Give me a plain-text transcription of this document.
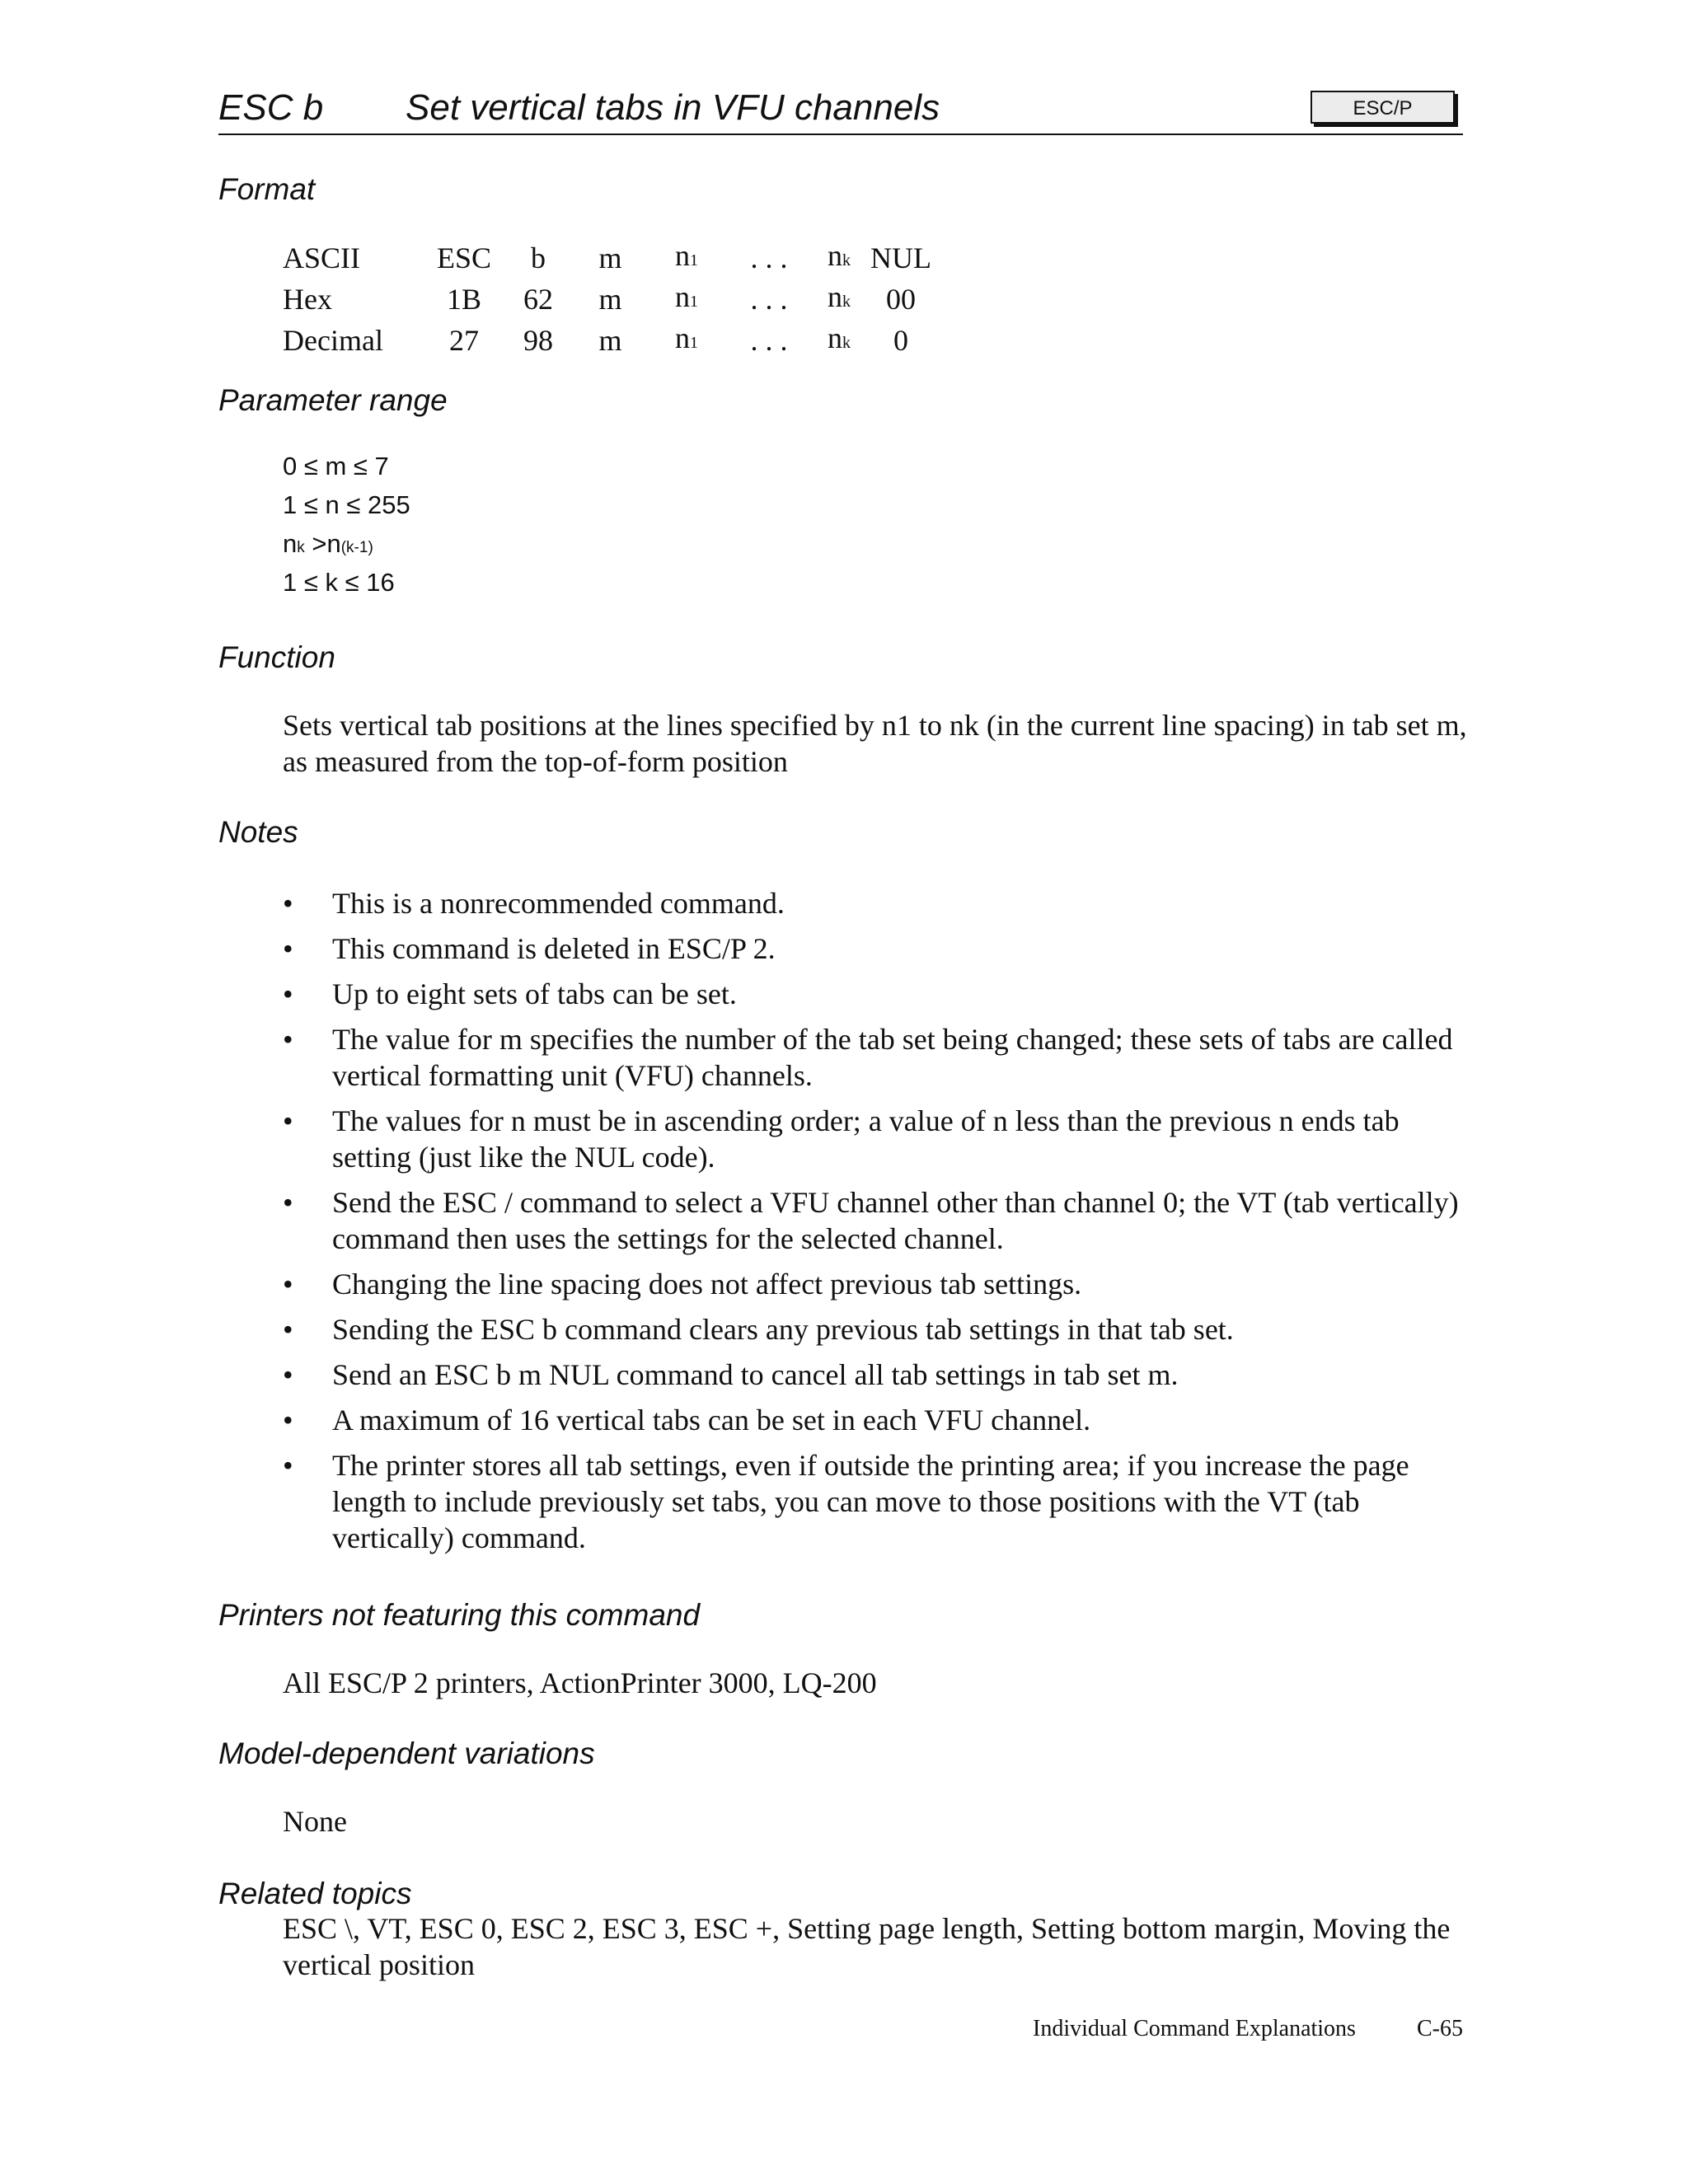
ESC b Set vertical tabs in VFU channels	ESC/P
Format
ASCII	ESC	b	m	n1	. . .	nk	NUL
Hex	1B	62	m	n1	. . .	nk	00
Decimal	27	98	m	n1	. . .	nk	0
Parameter range
0 ≤ m ≤ 7
1 ≤ n ≤ 255
nk >n(k-1)
1 ≤ k ≤ 16
Function
Sets vertical tab positions at the lines specified by n1 to nk (in the current line spacing) in tab set m, as measured from the top-of-form position
Notes
•	This is a nonrecommended command.
•	This command is deleted in ESC/P 2.
•	Up to eight sets of tabs can be set.
•	The value for m specifies the number of the tab set being changed; these sets of tabs are called vertical formatting unit (VFU) channels.
•	The values for n must be in ascending order; a value of n less than the previous n ends tab setting (just like the NUL code).
•	Send the ESC / command to select a VFU channel other than channel 0; the VT (tab vertically) command then uses the settings for the selected channel.
•	Changing the line spacing does not affect previous tab settings.
•	Sending the ESC b command clears any previous tab settings in that tab set.
•	Send an ESC b m NUL command to cancel all tab settings in tab set m.
•	A maximum of 16 vertical tabs can be set in each VFU channel.
•	The printer stores all tab settings, even if outside the printing area; if you increase the page length to include previously set tabs, you can move to those positions with the VT (tab vertically) command.
Printers not featuring this command
All ESC/P 2 printers, ActionPrinter 3000, LQ-200
Model-dependent variations
None
Related topics
ESC \, VT, ESC 0, ESC 2, ESC 3, ESC +, Setting page length, Setting bottom margin, Moving the vertical position
Individual Command Explanations	C-65
